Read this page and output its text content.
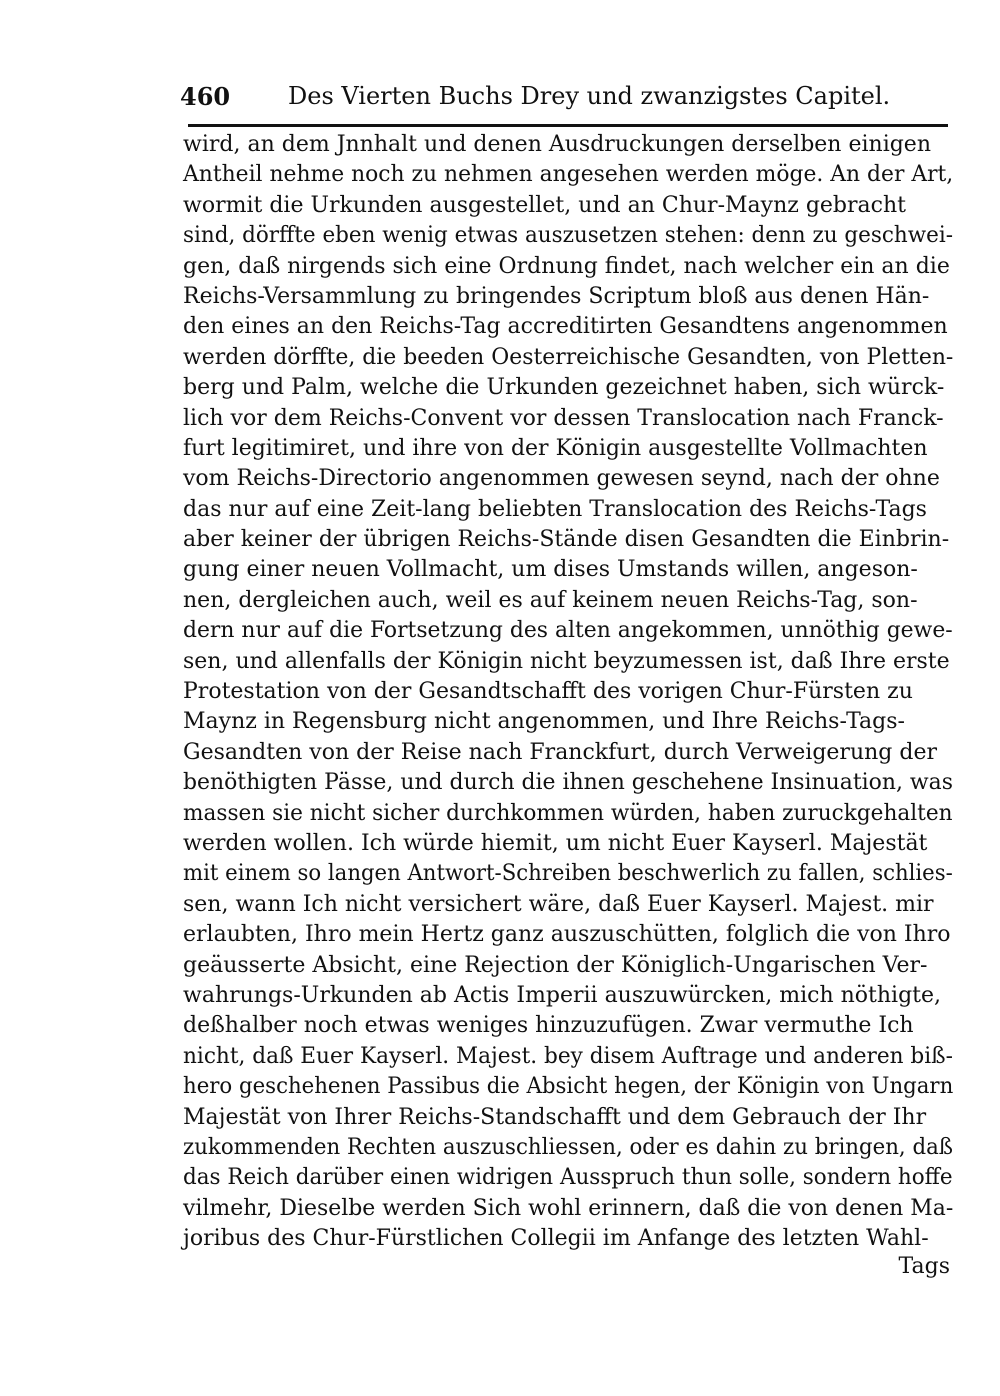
460 Des Vierten Buchs Drey und zwanzigstes Capitel.
wird, an dem Jnnhalt und denen Ausdruckungen derselben einigen
Antheil nehme noch zu nehmen angesehen werden möge. An der Art,
wormit die Urkunden ausgestellet, und an Chur-Maynz gebracht
sind, dörffte eben wenig etwas auszusetzen stehen: denn zu geschwei-
gen, daß nirgends sich eine Ordnung findet, nach welcher ein an die
Reichs-Versammlung zu bringendes Scriptum bloß aus denen Hän-
den eines an den Reichs-Tag accreditirten Gesandtens angenommen
werden dörffte, die beeden Oesterreichische Gesandten, von Pletten-
berg und Palm, welche die Urkunden gezeichnet haben, sich würck-
lich vor dem Reichs-Convent vor dessen Translocation nach Franck-
furt legitimiret, und ihre von der Königin ausgestellte Vollmachten
vom Reichs-Directorio angenommen gewesen seynd, nach der ohne
das nur auf eine Zeit-lang beliebten Translocation des Reichs-Tags
aber keiner der übrigen Reichs-Stände disen Gesandten die Einbrin-
gung einer neuen Vollmacht, um dises Umstands willen, angeson-
nen, dergleichen auch, weil es auf keinem neuen Reichs-Tag, son-
dern nur auf die Fortsetzung des alten angekommen, unnöthig gewe-
sen, und allenfalls der Königin nicht beyzumessen ist, daß Ihre erste
Protestation von der Gesandtschafft des vorigen Chur-Fürsten zu
Maynz in Regensburg nicht angenommen, und Ihre Reichs-Tags-
Gesandten von der Reise nach Franckfurt, durch Verweigerung der
benöthigten Pässe, und durch die ihnen geschehene Insinuation, was
massen sie nicht sicher durchkommen würden, haben zuruckgehalten
werden wollen. Ich würde hiemit, um nicht Euer Kayserl. Majestät
mit einem so langen Antwort-Schreiben beschwerlich zu fallen, schlies-
sen, wann Ich nicht versichert wäre, daß Euer Kayserl. Majest. mir
erlaubten, Ihro mein Hertz ganz auszuschütten, folglich die von Ihro
geäusserte Absicht, eine Rejection der Königlich-Ungarischen Ver-
wahrungs-Urkunden ab Actis Imperii auszuwürcken, mich nöthigte,
deßhalber noch etwas weniges hinzuzufügen. Zwar vermuthe Ich
nicht, daß Euer Kayserl. Majest. bey disem Auftrage und anderen biß-
hero geschehenen Passibus die Absicht hegen, der Königin von Ungarn
Majestät von Ihrer Reichs-Standschafft und dem Gebrauch der Ihr
zukommenden Rechten auszuschliessen, oder es dahin zu bringen, daß
das Reich darüber einen widrigen Ausspruch thun solle, sondern hoffe
vilmehr, Dieselbe werden Sich wohl erinnern, daß die von denen Ma-
joribus des Chur-Fürstlichen Collegii im Anfange des letzten Wahl-
Tags
